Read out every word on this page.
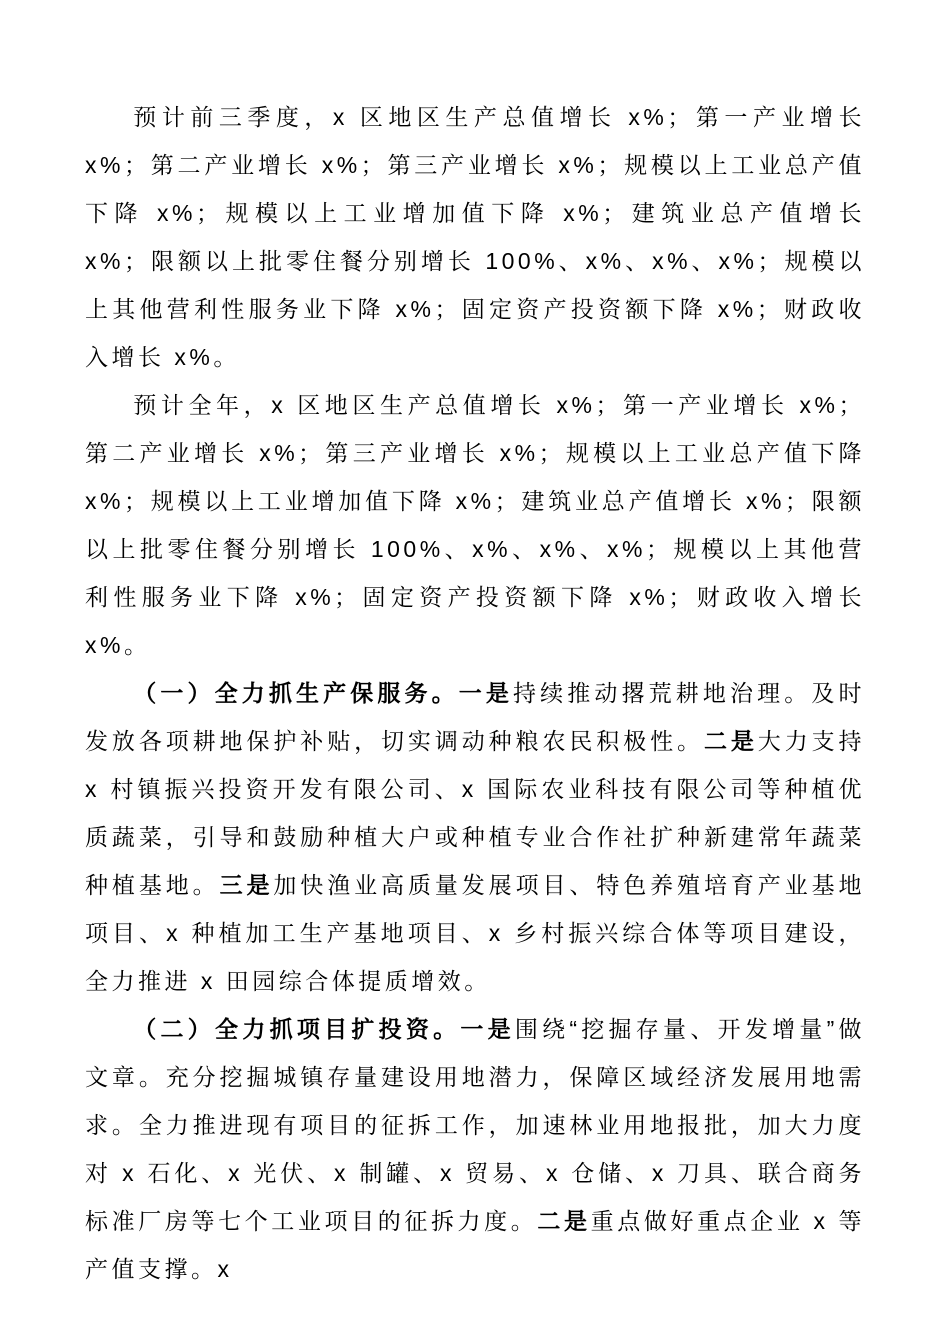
预计前三季度，x 区地区生产总值增长 x%；第一产业增长 x%；第二产业增长 x%；第三产业增长 x%；规模以上工业总产值下降 x%；规模以上工业增加值下降 x%；建筑业总产值增长 x%；限额以上批零住餐分别增长 100%、x%、x%、x%；规模以上其他营利性服务业下降 x%；固定资产投资额下降 x%；财政收入增长 x%。

预计全年，x 区地区生产总值增长 x%；第一产业增长 x%；第二产业增长 x%；第三产业增长 x%；规模以上工业总产值下降 x%；规模以上工业增加值下降 x%；建筑业总产值增长 x%；限额以上批零住餐分别增长 100%、x%、x%、x%；规模以上其他营利性服务业下降 x%；固定资产投资额下降 x%；财政收入增长 x%。

（一）全力抓生产保服务。一是持续推动撂荒耕地治理。及时发放各项耕地保护补贴，切实调动种粮农民积极性。二是大力支持 x 村镇振兴投资开发有限公司、x 国际农业科技有限公司等种植优质蔬菜，引导和鼓励种植大户或种植专业合作社扩种新建常年蔬菜种植基地。三是加快渔业高质量发展项目、特色养殖培育产业基地项目、x 种植加工生产基地项目、x 乡村振兴综合体等项目建设，全力推进 x 田园综合体提质增效。

（二）全力抓项目扩投资。一是围绕“挖掘存量、开发增量”做文章。充分挖掘城镇存量建设用地潜力，保障区域经济发展用地需求。全力推进现有项目的征拆工作，加速林业用地报批，加大力度对 x 石化、x 光伏、x 制罐、x 贸易、x 仓储、x 刀具、联合商务标准厂房等七个工业项目的征拆力度。二是重点做好重点企业 x 等产值支撑。x
